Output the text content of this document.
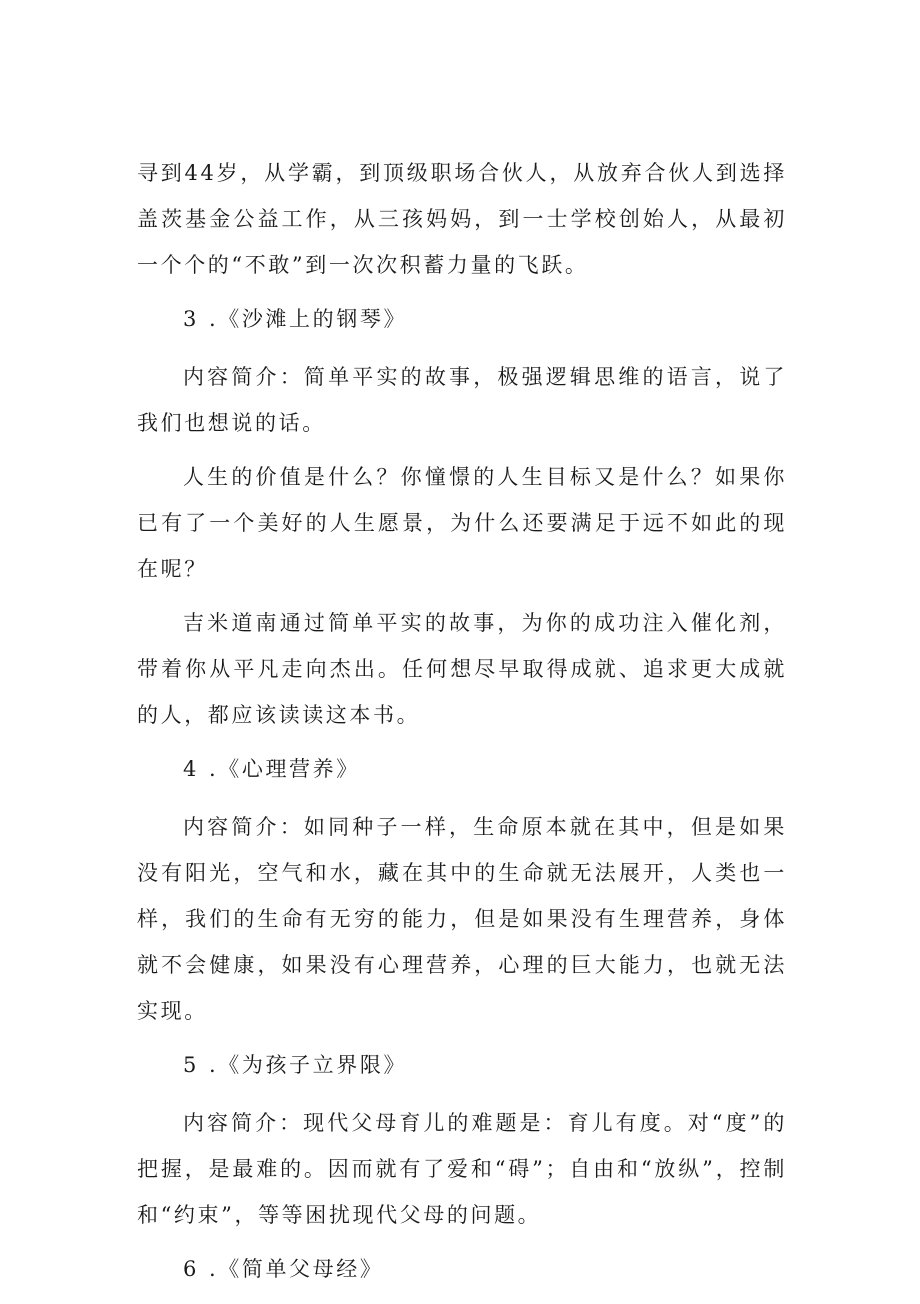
寻到44岁，从学霸，到顶级职场合伙人，从放弃合伙人到选择盖茨基金公益工作，从三孩妈妈，到一士学校创始人，从最初一个个的“不敢”到一次次积蓄力量的飞跃。

3 .《沙滩上的钢琴》

内容简介：简单平实的故事，极强逻辑思维的语言，说了我们也想说的话。

人生的价值是什么？你憧憬的人生目标又是什么？如果你已有了一个美好的人生愿景，为什么还要满足于远不如此的现在呢？

吉米道南通过简单平实的故事，为你的成功注入催化剂，带着你从平凡走向杰出。任何想尽早取得成就、追求更大成就的人，都应该读读这本书。

4 .《心理营养》

内容简介：如同种子一样，生命原本就在其中，但是如果没有阳光，空气和水，藏在其中的生命就无法展开，人类也一样，我们的生命有无穷的能力，但是如果没有生理营养，身体就不会健康，如果没有心理营养，心理的巨大能力，也就无法实现。

5 .《为孩子立界限》

内容简介：现代父母育儿的难题是：育儿有度。对“度”的把握，是最难的。因而就有了爱和“碍”；自由和“放纵”，控制和“约束”，等等困扰现代父母的问题。

6 .《简单父母经》
